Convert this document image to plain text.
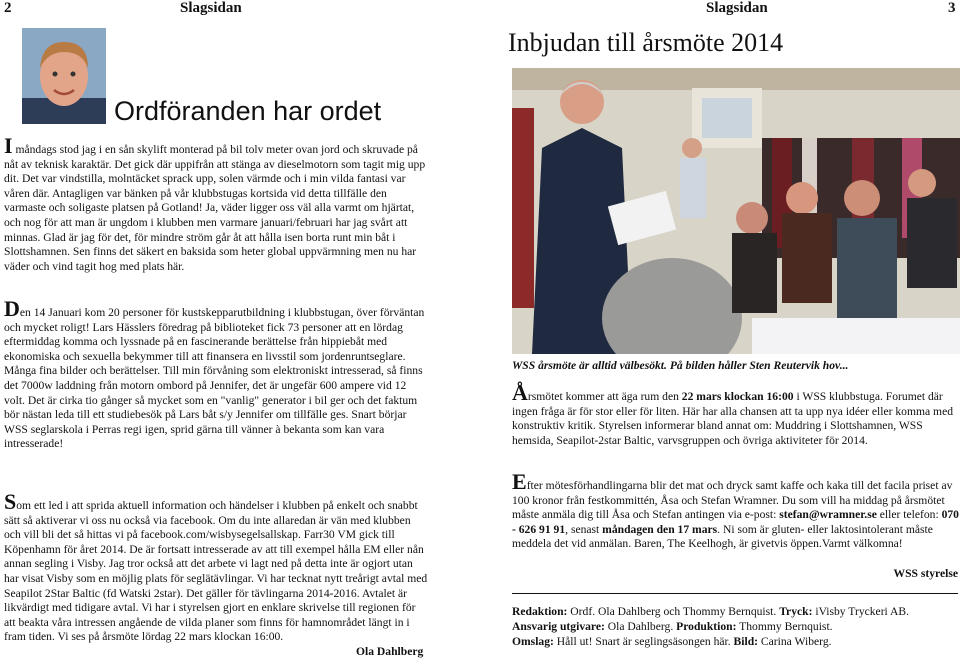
2	Slagsidan	Slagsidan	3
Ordföranden har ordet

I måndags stod jag i en sån skylift monterad på bil tolv meter ovan jord och skruvade på nåt av teknisk karaktär. Det gick där uppifrån att stänga av dieselmotorn som tagit mig upp dit. Det var vindstilla, molntäcket sprack upp, solen värmde och i min vilda fantasi var våren där. Antagligen var bänken på vår klubbstugas kortsida vid detta tillfälle den varmaste och soligaste platsen på Gotland! Ja, väder ligger oss väl alla varmt om hjärtat, och nog för att man är ungdom i klubben men varmare januari/februari har jag svårt att minnas. Glad är jag för det, för mindre ström går åt att hålla isen borta runt min båt i Slottshamnen. Sen finns det säkert en baksida som heter global uppvärmning men nu har väder och vind tagit hog med plats här.

Den 14 Januari kom 20 personer för kustskepparutbildning i klubbstugan, över förväntan och mycket roligt! Lars Hässlers föredrag på biblioteket fick 73 personer att en lördag eftermiddag komma och lyssnade på en fascinerande berättelse från hippiebåt med ekonomiska och sexuella bekymmer till att finansera en livsstil som jordenruntseglare. Många fina bilder och berättelser. Till min förvåning som elektroniskt intresserad, så finns det 7000w laddning från motorn ombord på Jennifer, det är ungefär 600 ampere vid 12 volt. Det är cirka tio gånger så mycket som en "vanlig" generator i bil ger och det faktum bör nästan leda till ett studiebesök på Lars båt s/y Jennifer om tillfälle ges. Snart börjar WSS seglarskola i Perras regi igen, sprid gärna till vänner à bekanta som kan vara intresserade!

Som ett led i att sprida aktuell information och händelser i klubben på enkelt och snabbt sätt så aktiverar vi oss nu också via facebook. Om du inte allaredan är vän med klubben och vill bli det så hittas vi på facebook.com/wisbysegelsallskap. Farr30 VM gick till Köpenhamn för året 2014. De är fortsatt intresserade av att till exempel hålla EM eller nån annan segling i Visby. Jag tror också att det arbete vi lagt ned på detta inte är ogjort utan har visat Visby som en möjlig plats för seglätävlingar. Vi har tecknat nytt treårigt avtal med Seapilot 2Star Baltic (fd Watski 2star). Det gäller för tävlingarna 2014-2016. Avtalet är likvärdigt med tidigare avtal. Vi har i styrelsen gjort en enklare skrivelse till regionen för att beakta våra intressen angående de vilda planer som finns för hamnområdet längt in i fram tiden. Vi ses på årsmöte lördag 22 mars klockan 16:00.

Ola Dahlberg
Inbjudan till årsmöte 2014
WSS årsmöte är alltid välbesökt. På bilden håller Sten Reutervik hov...

Årsmötet kommer att äga rum den 22 mars klockan 16:00 i WSS klubbstuga. Forumet där ingen fråga är för stor eller för liten. Här har alla chansen att ta upp nya idéer eller komma med konstruktiv kritik. Styrelsen informerar bland annat om: Muddring i Slottshamnen, WSS hemsida, Seapilot-2star Baltic, varvsgruppen och övriga aktiviteter för 2014.

Efter mötesförhandlingarna blir det mat och dryck samt kaffe och kaka till det facila priset av 100 kronor från festkommittén, Åsa och Stefan Wramner. Du som vill ha middag på årsmötet måste anmäla dig till Åsa och Stefan antingen via e-post: stefan@wramner.se eller telefon: 070 - 626 91 91, senast måndagen den 17 mars. Ni som är gluten- eller laktosintolerant måste meddela det vid anmälan. Baren, The Keelhogh, är givetvis öppen.Varmt välkomna!

WSS styrelse

Redaktion: Ordf. Ola Dahlberg och Thommy Bernquist. Tryck: iVisby Tryckeri AB.

Ansvarig utgivare: Ola Dahlberg. Produktion: Thommy Bernquist.

Omslag: Håll ut! Snart är seglingsäsongen här. Bild: Carina Wiberg.
